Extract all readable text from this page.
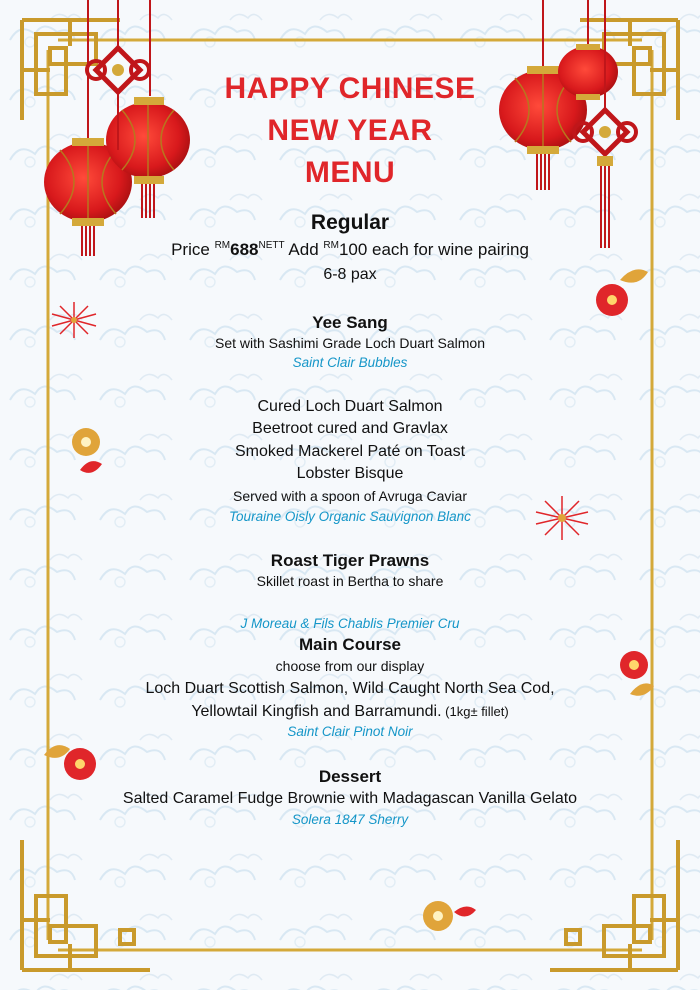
HAPPY CHINESE
NEW YEAR
MENU
Regular
Price $^{RM}688^{NETT}$ Add $^{RM}$100 each for wine pairing
6-8 pax
Yee Sang
Set with Sashimi Grade Loch Duart Salmon
Saint Clair Bubbles
Cured Loch Duart Salmon
Beetroot cured and Gravlax
Smoked Mackerel Paté on Toast
Lobster Bisque
Served with a spoon of Avruga Caviar
Touraine Oisly Organic Sauvignon Blanc
Roast Tiger Prawns
Skillet roast in Bertha to share
J Moreau & Fils Chablis Premier Cru
Main Course
choose from our display
Loch Duart Scottish Salmon, Wild Caught North Sea Cod,
Yellowtail Kingfish and Barramundi. (1kg± fillet)
Saint Clair Pinot Noir
Dessert
Salted Caramel Fudge Brownie with Madagascan Vanilla Gelato
Solera 1847 Sherry
